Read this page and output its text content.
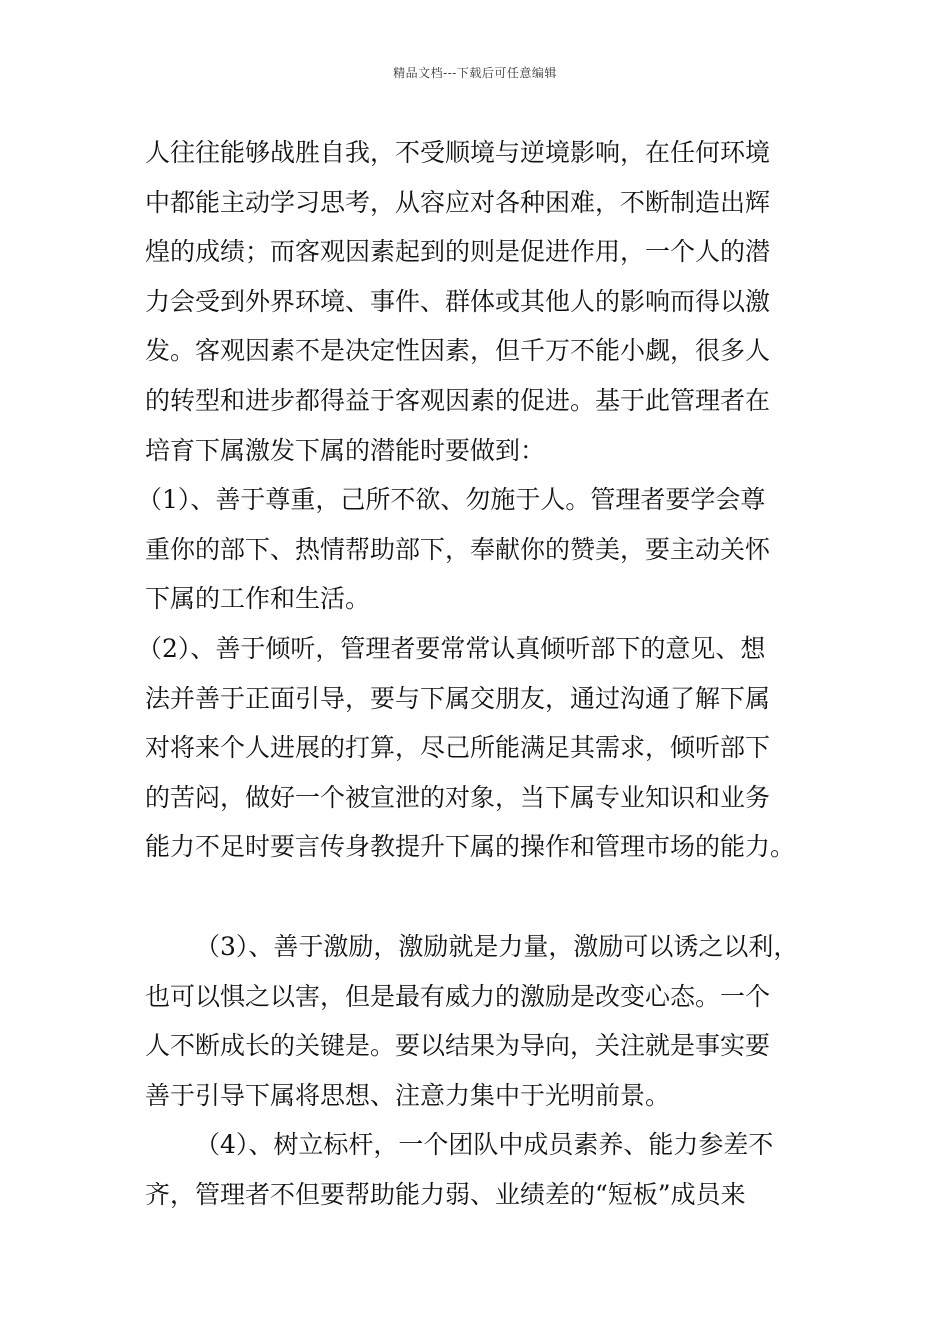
精品文档---下载后可任意编辑
人往往能够战胜自我，不受顺境与逆境影响，在任何环境
中都能主动学习思考，从容应对各种困难，不断制造出辉
煌的成绩；而客观因素起到的则是促进作用，一个人的潜
力会受到外界环境、事件、群体或其他人的影响而得以激
发。客观因素不是决定性因素，但千万不能小觑，很多人
的转型和进步都得益于客观因素的促进。基于此管理者在
培育下属激发下属的潜能时要做到：
（1）、善于尊重，己所不欲、勿施于人。管理者要学会尊
重你的部下、热情帮助部下，奉献你的赞美，要主动关怀
下属的工作和生活。
（2）、善于倾听，管理者要常常认真倾听部下的意见、想
法并善于正面引导，要与下属交朋友，通过沟通了解下属
对将来个人进展的打算，尽己所能满足其需求，倾听部下
的苦闷，做好一个被宣泄的对象，当下属专业知识和业务
能力不足时要言传身教提升下属的操作和管理市场的能力。
（3）、善于激励，激励就是力量，激励可以诱之以利，
也可以惧之以害，但是最有威力的激励是改变心态。一个
人不断成长的关键是。要以结果为导向，关注就是事实要
善于引导下属将思想、注意力集中于光明前景。
（4）、树立标杆，一个团队中成员素养、能力参差不
齐，管理者不但要帮助能力弱、业绩差的“短板”成员来
